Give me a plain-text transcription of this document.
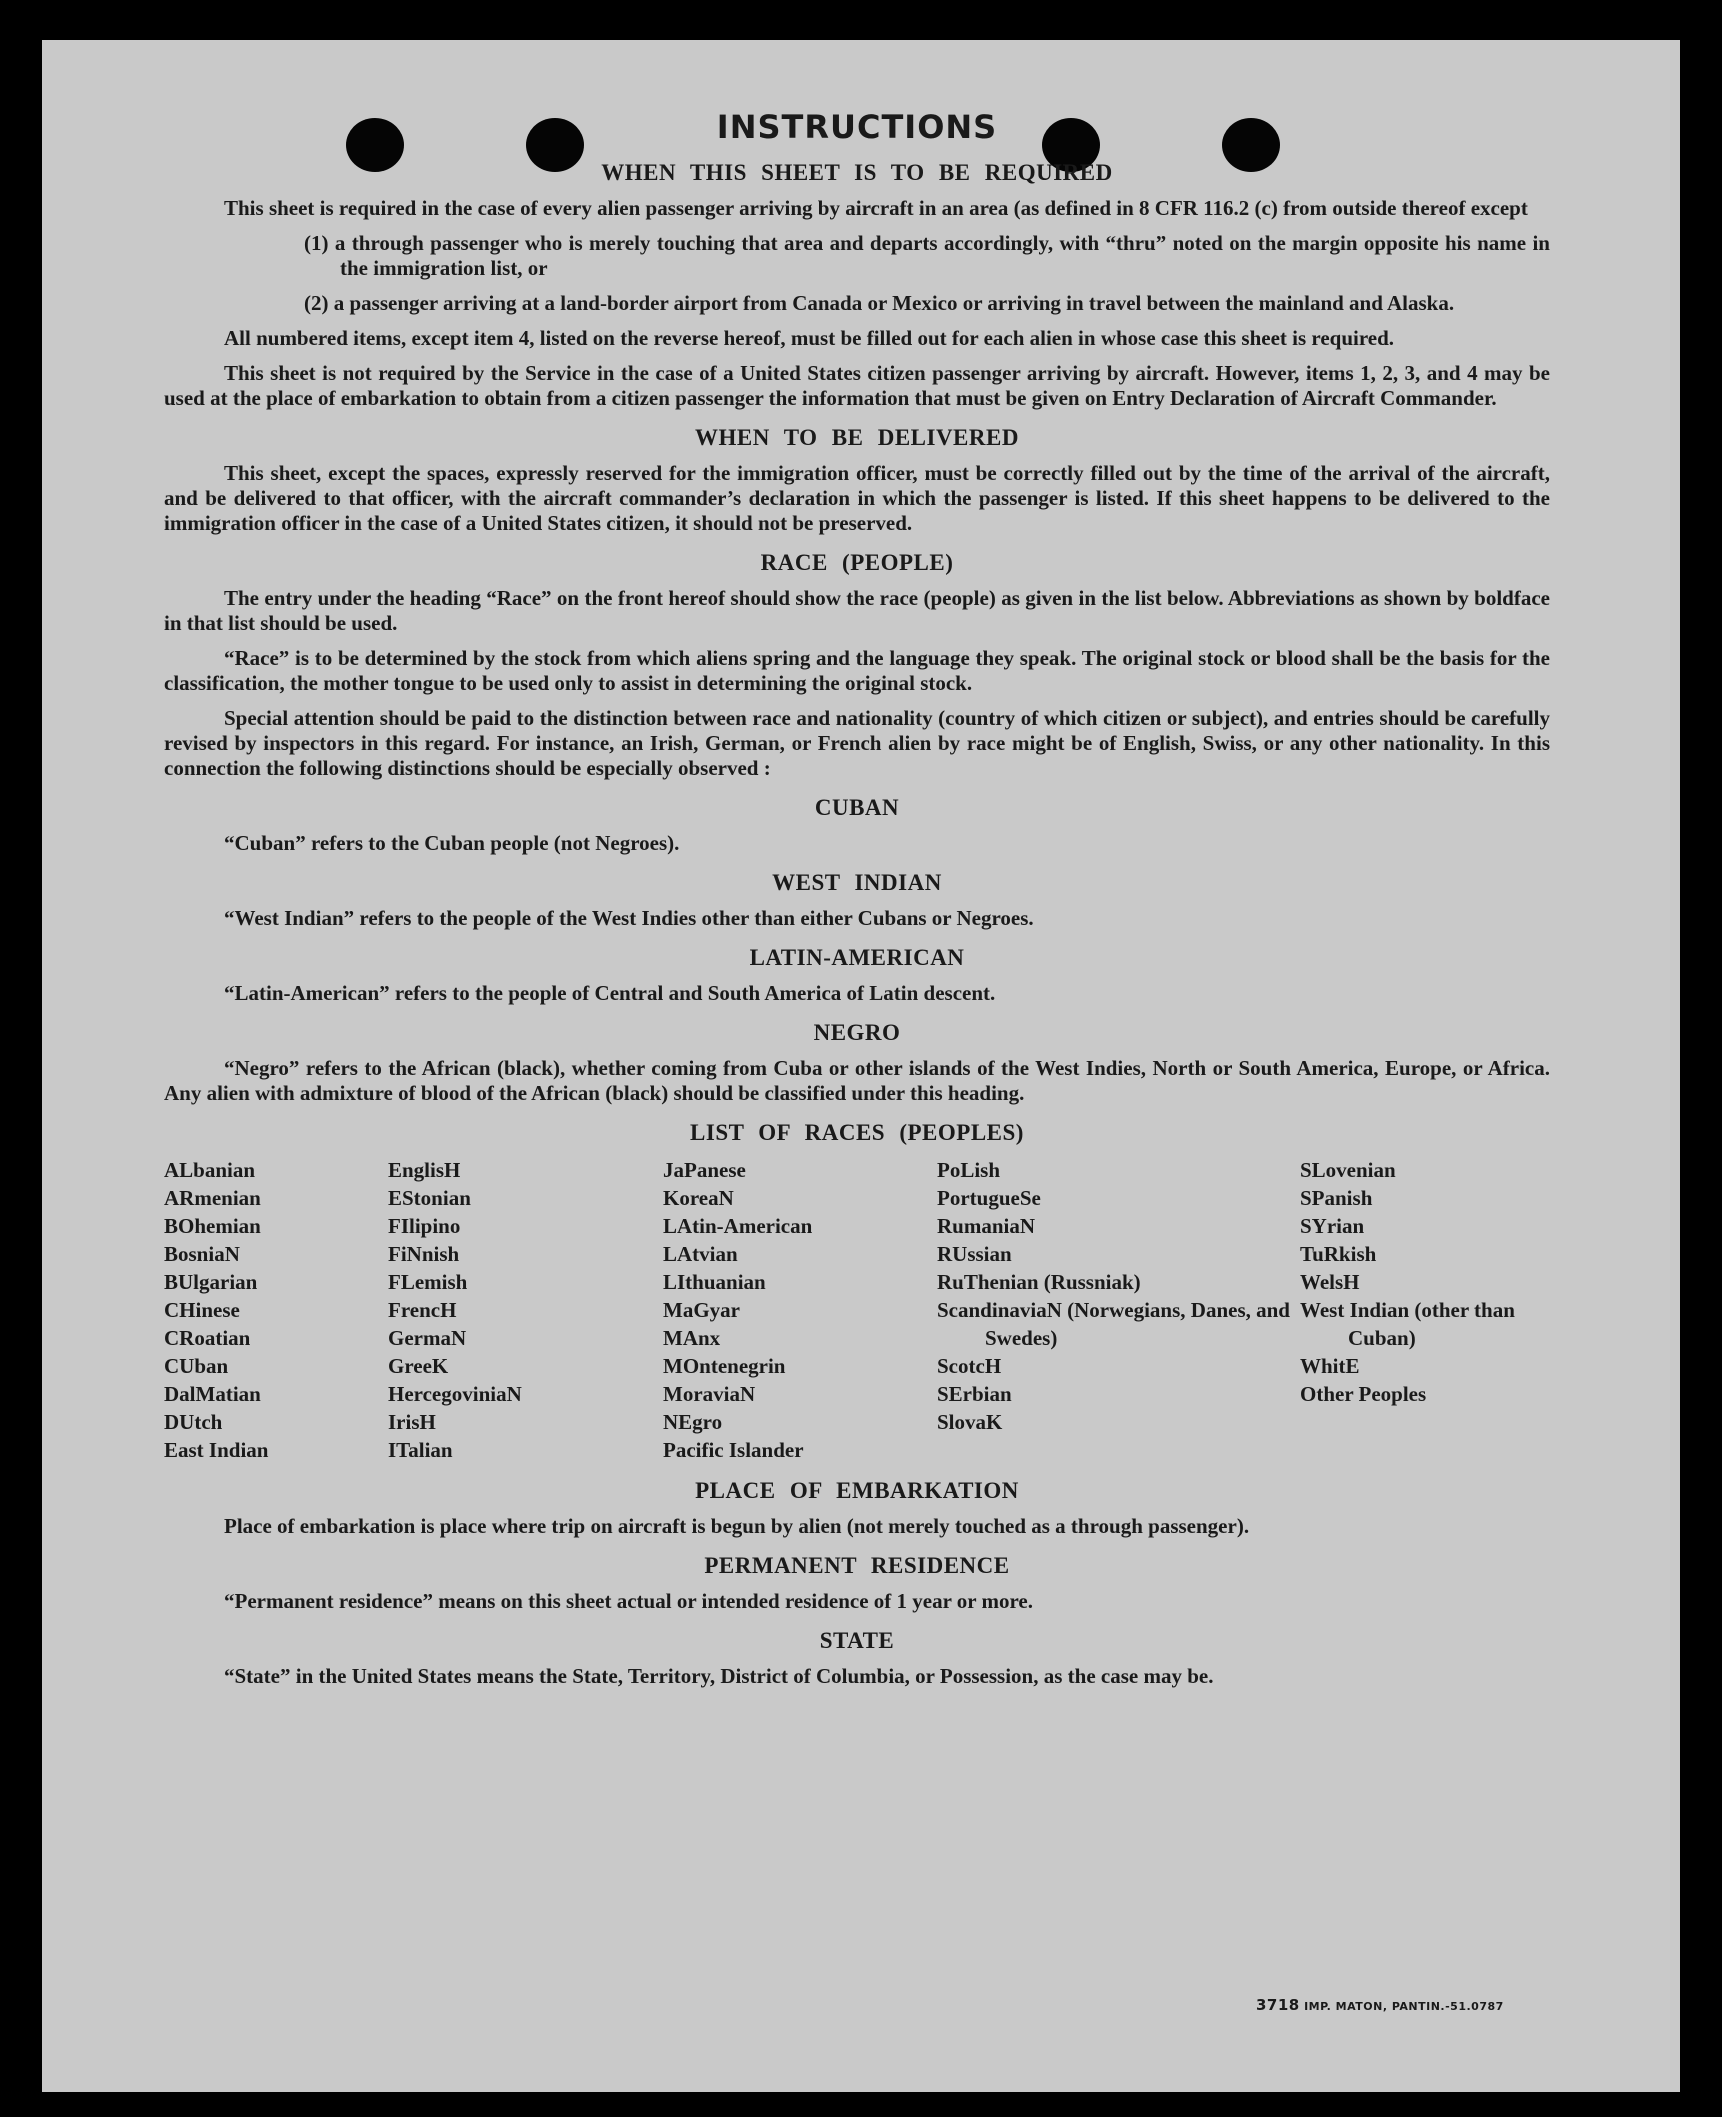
INSTRUCTIONS
WHEN THIS SHEET IS TO BE REQUIRED

This sheet is required in the case of every alien passenger arriving by aircraft in an area (as defined in 8 CFR 116.2 (c) from outside thereof except

(1) a through passenger who is merely touching that area and departs accordingly, with “thru” noted on the margin opposite his name in the immigration list, or

(2) a passenger arriving at a land-border airport from Canada or Mexico or arriving in travel between the mainland and Alaska.

All numbered items, except item 4, listed on the reverse hereof, must be filled out for each alien in whose case this sheet is required.

This sheet is not required by the Service in the case of a United States citizen passenger arriving by aircraft. However, items 1, 2, 3, and 4 may be used at the place of embarkation to obtain from a citizen passenger the information that must be given on Entry Declaration of Aircraft Commander.

WHEN TO BE DELIVERED

This sheet, except the spaces, expressly reserved for the immigration officer, must be correctly filled out by the time of the arrival of the aircraft, and be delivered to that officer, with the aircraft commander’s declaration in which the passenger is listed. If this sheet happens to be delivered to the immigration officer in the case of a United States citizen, it should not be preserved.

RACE (PEOPLE)

The entry under the heading “Race” on the front hereof should show the race (people) as given in the list below. Abbreviations as shown by boldface in that list should be used.

“Race” is to be determined by the stock from which aliens spring and the language they speak. The original stock or blood shall be the basis for the classification, the mother tongue to be used only to assist in determining the original stock.

Special attention should be paid to the distinction between race and nationality (country of which citizen or subject), and entries should be carefully revised by inspectors in this regard. For instance, an Irish, German, or French alien by race might be of English, Swiss, or any other nationality. In this connection the following distinctions should be especially observed :

CUBAN

“Cuban” refers to the Cuban people (not Negroes).

WEST INDIAN

“West Indian” refers to the people of the West Indies other than either Cubans or Negroes.

LATIN-AMERICAN

“Latin-American” refers to the people of Central and South America of Latin descent.

NEGRO

“Negro” refers to the African (black), whether coming from Cuba or other islands of the West Indies, North or South America, Europe, or Africa. Any alien with admixture of blood of the African (black) should be classified under this heading.

LIST OF RACES (PEOPLES)
ALbanian
ARmenian
BOhemian
BosniaN
BUlgarian
CHinese
CRoatian
CUban
DalMatian
DUtch
East Indian
EnglisH
EStonian
FIlipino
FiNnish
FLemish
FrencH
GermaN
GreeK
HercegoviniaN
IrisH
ITalian
JaPanese
KoreaN
LAtin-American
LAtvian
LIthuanian
MaGyar
MAnx
MOntenegrin
MoraviaN
NEgro
Pacific Islander
PoLish
PortugueSe
RumaniaN
RUssian
RuThenian (Russniak)
ScandinaviaN (Norwegians, Danes, and Swedes)
ScotcH
SErbian
SlovaK
SLovenian
SPanish
SYrian
TuRkish
WelsH
West Indian (other than Cuban)
WhitE
Other Peoples
PLACE OF EMBARKATION

Place of embarkation is place where trip on aircraft is begun by alien (not merely touched as a through passenger).

PERMANENT RESIDENCE

“Permanent residence” means on this sheet actual or intended residence of 1 year or more.

STATE

“State” in the United States means the State, Territory, District of Columbia, or Possession, as the case may be.

3718 IMP. MATON, PANTIN.-51.0787
